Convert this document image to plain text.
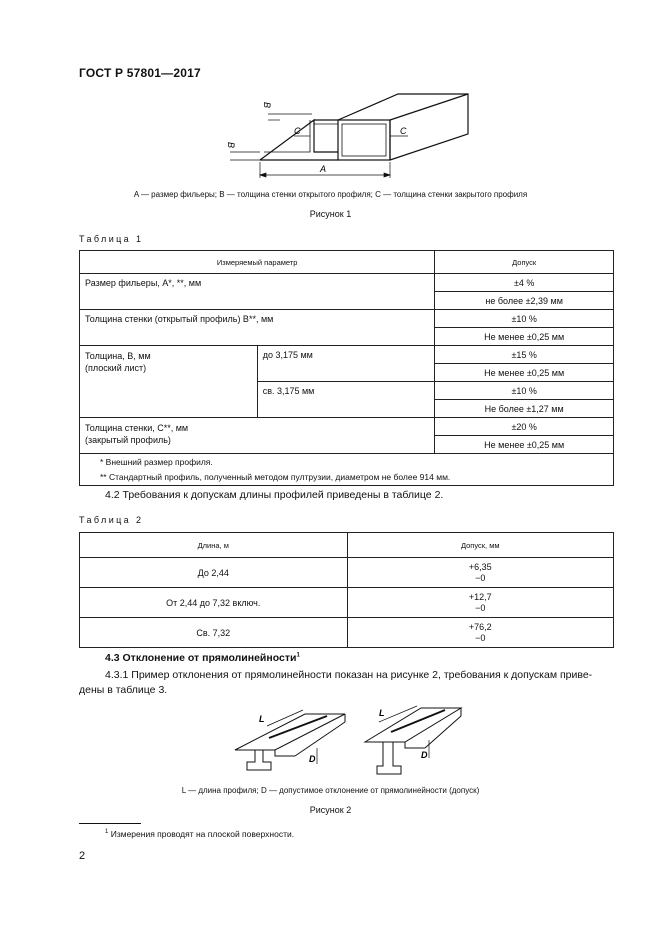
ГОСТ Р 57801—2017
A
B
B
C	C
A — размер фильеры; B — толщина стенки открытого профиля; C — толщина стенки закрытого профиля
Рисунок 1
Таблица 1
Измеряемый параметр		Допуск
Размер фильеры, A*, **, мм		±4 %
		не более ±2,39 мм
Толщина стенки (открытый профиль) B**, мм		±10 %
		Не менее ±0,25 мм

Толщина, B, мм
(плоский лист)	до 3,175 мм	±15 %
		Не менее ±0,25 мм
	св. 3,175 мм	±10 %
		Не более ±1,27 мм

Толщина стенки, C**, мм
(закрытый профиль)		±20 %
		Не менее ±0,25 мм

* Внешний размер профиля.
** Стандартный профиль, полученный методом пултрузии, диаметром не более 914 мм.		
4.2 Требования к допускам длины профилей приведены в таблице 2.
Таблица 2
Длина, м	Допуск, мм
До 2,44	+6,35
−0

От 2,44 до 7,32 включ.	+12,7
−0

Св. 7,32	+76,2
−0
4.3 Отклонение от прямолинейности$^1$
4.3.1 Пример отклонения от прямолинейности показан на рисунке 2, требования к допускам приве-
дены в таблице 3.
L
D
L
D
L — длина профиля; D — допустимое отклонение от прямолинейности (допуск)
Рисунок 2
$^1$ Измерения проводят на плоской поверхности.
2
